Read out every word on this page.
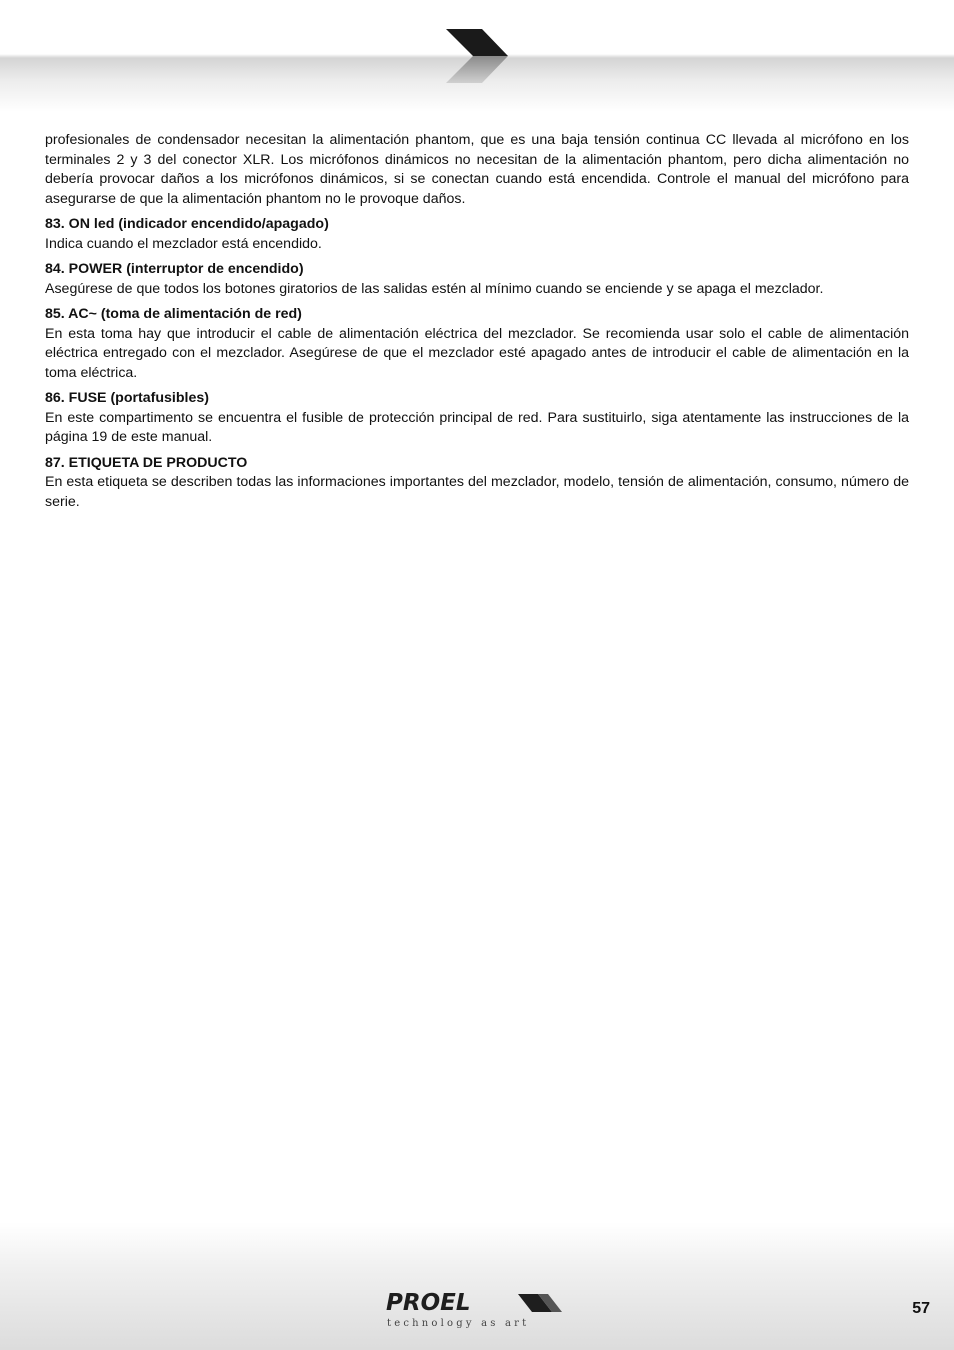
profesionales de condensador necesitan la alimentación phantom, que es una baja tensión continua CC llevada al micrófono en los terminales 2 y 3 del conector XLR. Los micrófonos dinámicos no necesitan de la alimentación phantom, pero dicha alimentación no debería provocar daños a los micrófonos dinámicos, si se conectan cuando está encendida. Controle el manual del micrófono para asegurarse de que la alimentación phantom no le provoque daños.

83. ON led (indicador encendido/apagado)

Indica cuando el mezclador está encendido.

84. POWER (interruptor de encendido)

Asegúrese de que todos los botones giratorios de las salidas estén al mínimo cuando se enciende y se apaga el mezclador.

85. AC~ (toma de alimentación de red)

En esta toma hay que introducir el cable de alimentación eléctrica del mezclador. Se recomienda usar solo el cable de alimentación eléctrica entregado con el mezclador. Asegúrese de que el mezclador esté apagado antes de introducir el cable de alimentación en la toma eléctrica.

86. FUSE (portafusibles)

En este compartimento se encuentra el fusible de protección principal de red. Para sustituirlo, siga atentamente las instrucciones de la página 19 de este manual.

87. ETIQUETA DE PRODUCTO

En esta etiqueta se describen todas las informaciones importantes del mezclador, modelo, tensión de alimentación, consumo, número de serie.

PROEL
technology as art
57
